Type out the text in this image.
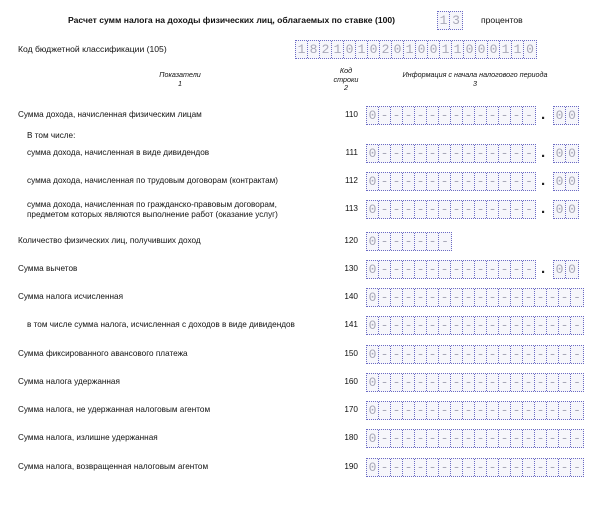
Расчет сумм налога на доходы физических лиц, облагаемых по ставке (100)	1 3 процентов
Код бюджетной классификации (105)	1 8 2 1 0 1 0 2 0 1 0 0 1 1 0 0 0 1 1 0
Показатели
1
Код
строки
2
Информация с начала налогового периода
3
Сумма дохода, начисленная физическим лицам	110 0 - - - - - - - - - - - - - . 0 0
В том числе:
сумма дохода, начисленная в виде дивидендов	111 0 - - - - - - - - - - - - - . 0 0
сумма дохода, начисленная по трудовым договорам (контрактам)	112 0 - - - - - - - - - - - - - . 0 0
сумма дохода, начисленная по гражданско-правовым договорам, предметом которых являются выполнение работ (оказание услуг)
113 0 - - - - - - - - - - - - - . 0 0
Количество физических лиц, получивших доход	120 0 - - - - - -
Сумма вычетов	130 0 - - - - - - - - - - - - - . 0 0
Сумма налога исчисленная	140 0 - - - - - - - - - - - - - - - - -
в том числе сумма налога, исчисленная с доходов в виде дивидендов	141 0 - - - - - - - - - - - - - - - - -
Сумма фиксированного авансового платежа	150 0 - - - - - - - - - - - - - - - - -
Сумма налога удержанная	160 0 - - - - - - - - - - - - - - - - -
Сумма налога, не удержанная налоговым агентом	170 0 - - - - - - - - - - - - - - - - -
Сумма налога, излишне удержанная	180 0 - - - - - - - - - - - - - - - - -
Сумма налога, возвращенная налоговым агентом	190 0 - - - - - - - - - - - - - - - - -
